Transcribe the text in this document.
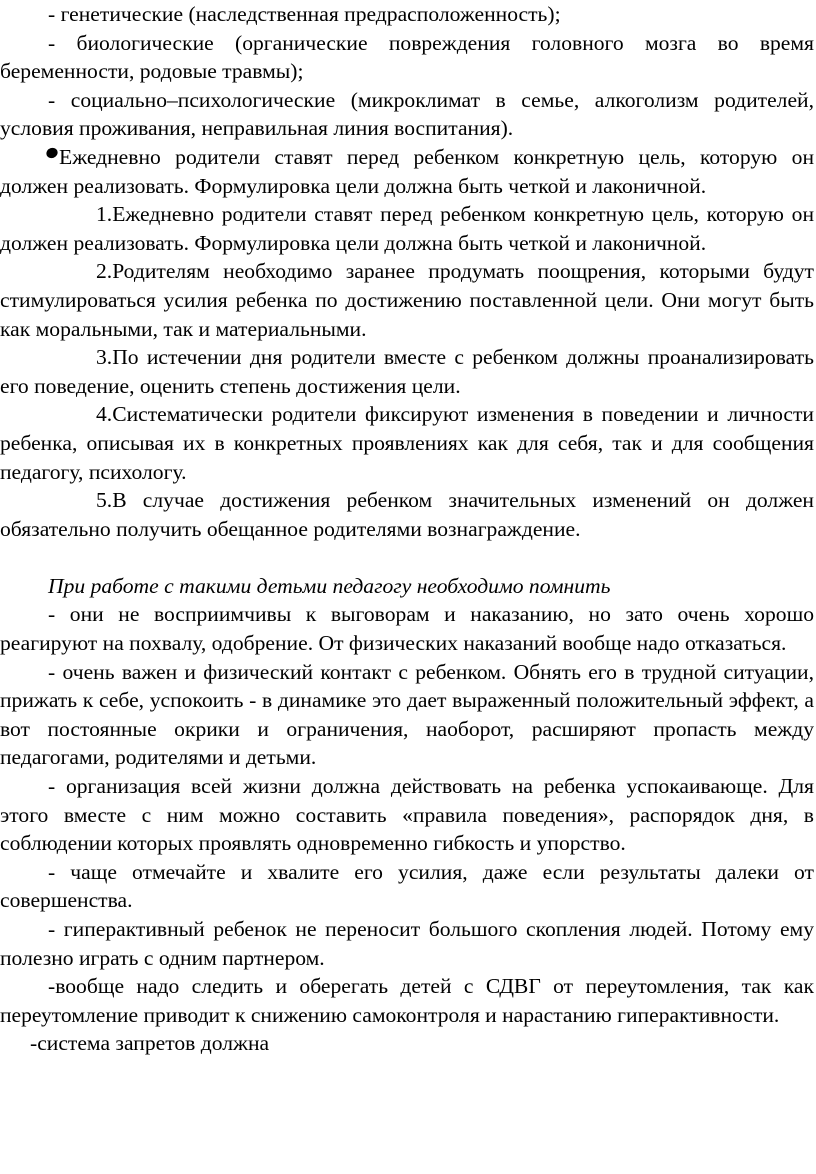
- генетические (наследственная предрасположенность);

- биологические (органические повреждения головного мозга во время беременности, родовые травмы);

- социально–психологические (микроклимат в семье, алкоголизм родителей, условия проживания, неправильная линия воспитания).

Ежедневно родители ставят перед ребенком конкретную цель, которую он должен реализовать. Формулировка цели должна быть четкой и лаконичной.

1.Ежедневно родители ставят перед ребенком конкретную цель, которую он должен реализовать. Формулировка цели должна быть четкой и лаконичной.

2.Родителям необходимо заранее продумать поощрения, которыми будут стимулироваться усилия ребенка по достижению поставленной цели. Они могут быть как моральными, так и материальными.

3.По истечении дня родители вместе с ребенком должны проанализировать его поведение, оценить степень достижения цели.

4.Систематически родители фиксируют изменения в поведении и личности ребенка, описывая их в конкретных проявлениях как для себя, так и для сообщения педагогу, психологу.

5.В случае достижения ребенком значительных изменений он должен обязательно получить обещанное родителями вознаграждение.

При работе с такими детьми педагогу необходимо помнить

- они не восприимчивы к выговорам и наказанию, но зато очень хорошо реагируют на похвалу, одобрение. От физических наказаний вообще надо отказаться.

- очень важен и физический контакт с ребенком. Обнять его в трудной ситуации, прижать к себе, успокоить - в динамике это дает выраженный положительный эффект, а вот постоянные окрики и ограничения, наоборот, расширяют пропасть между педагогами, родителями и детьми.

- организация всей жизни должна действовать на ребенка успокаивающе. Для этого вместе с ним можно составить «правила поведения», распорядок дня, в соблюдении которых проявлять одновременно гибкость и упорство.

- чаще отмечайте и хвалите его усилия, даже если результаты далеки от совершенства.

- гиперактивный ребенок не переносит большого скопления людей. Потому ему полезно играть с одним партнером.

-вообще надо следить и оберегать детей с СДВГ от переутомления, так как переутомление приводит к снижению самоконтроля и нарастанию гиперактивности.

-система запретов должна
